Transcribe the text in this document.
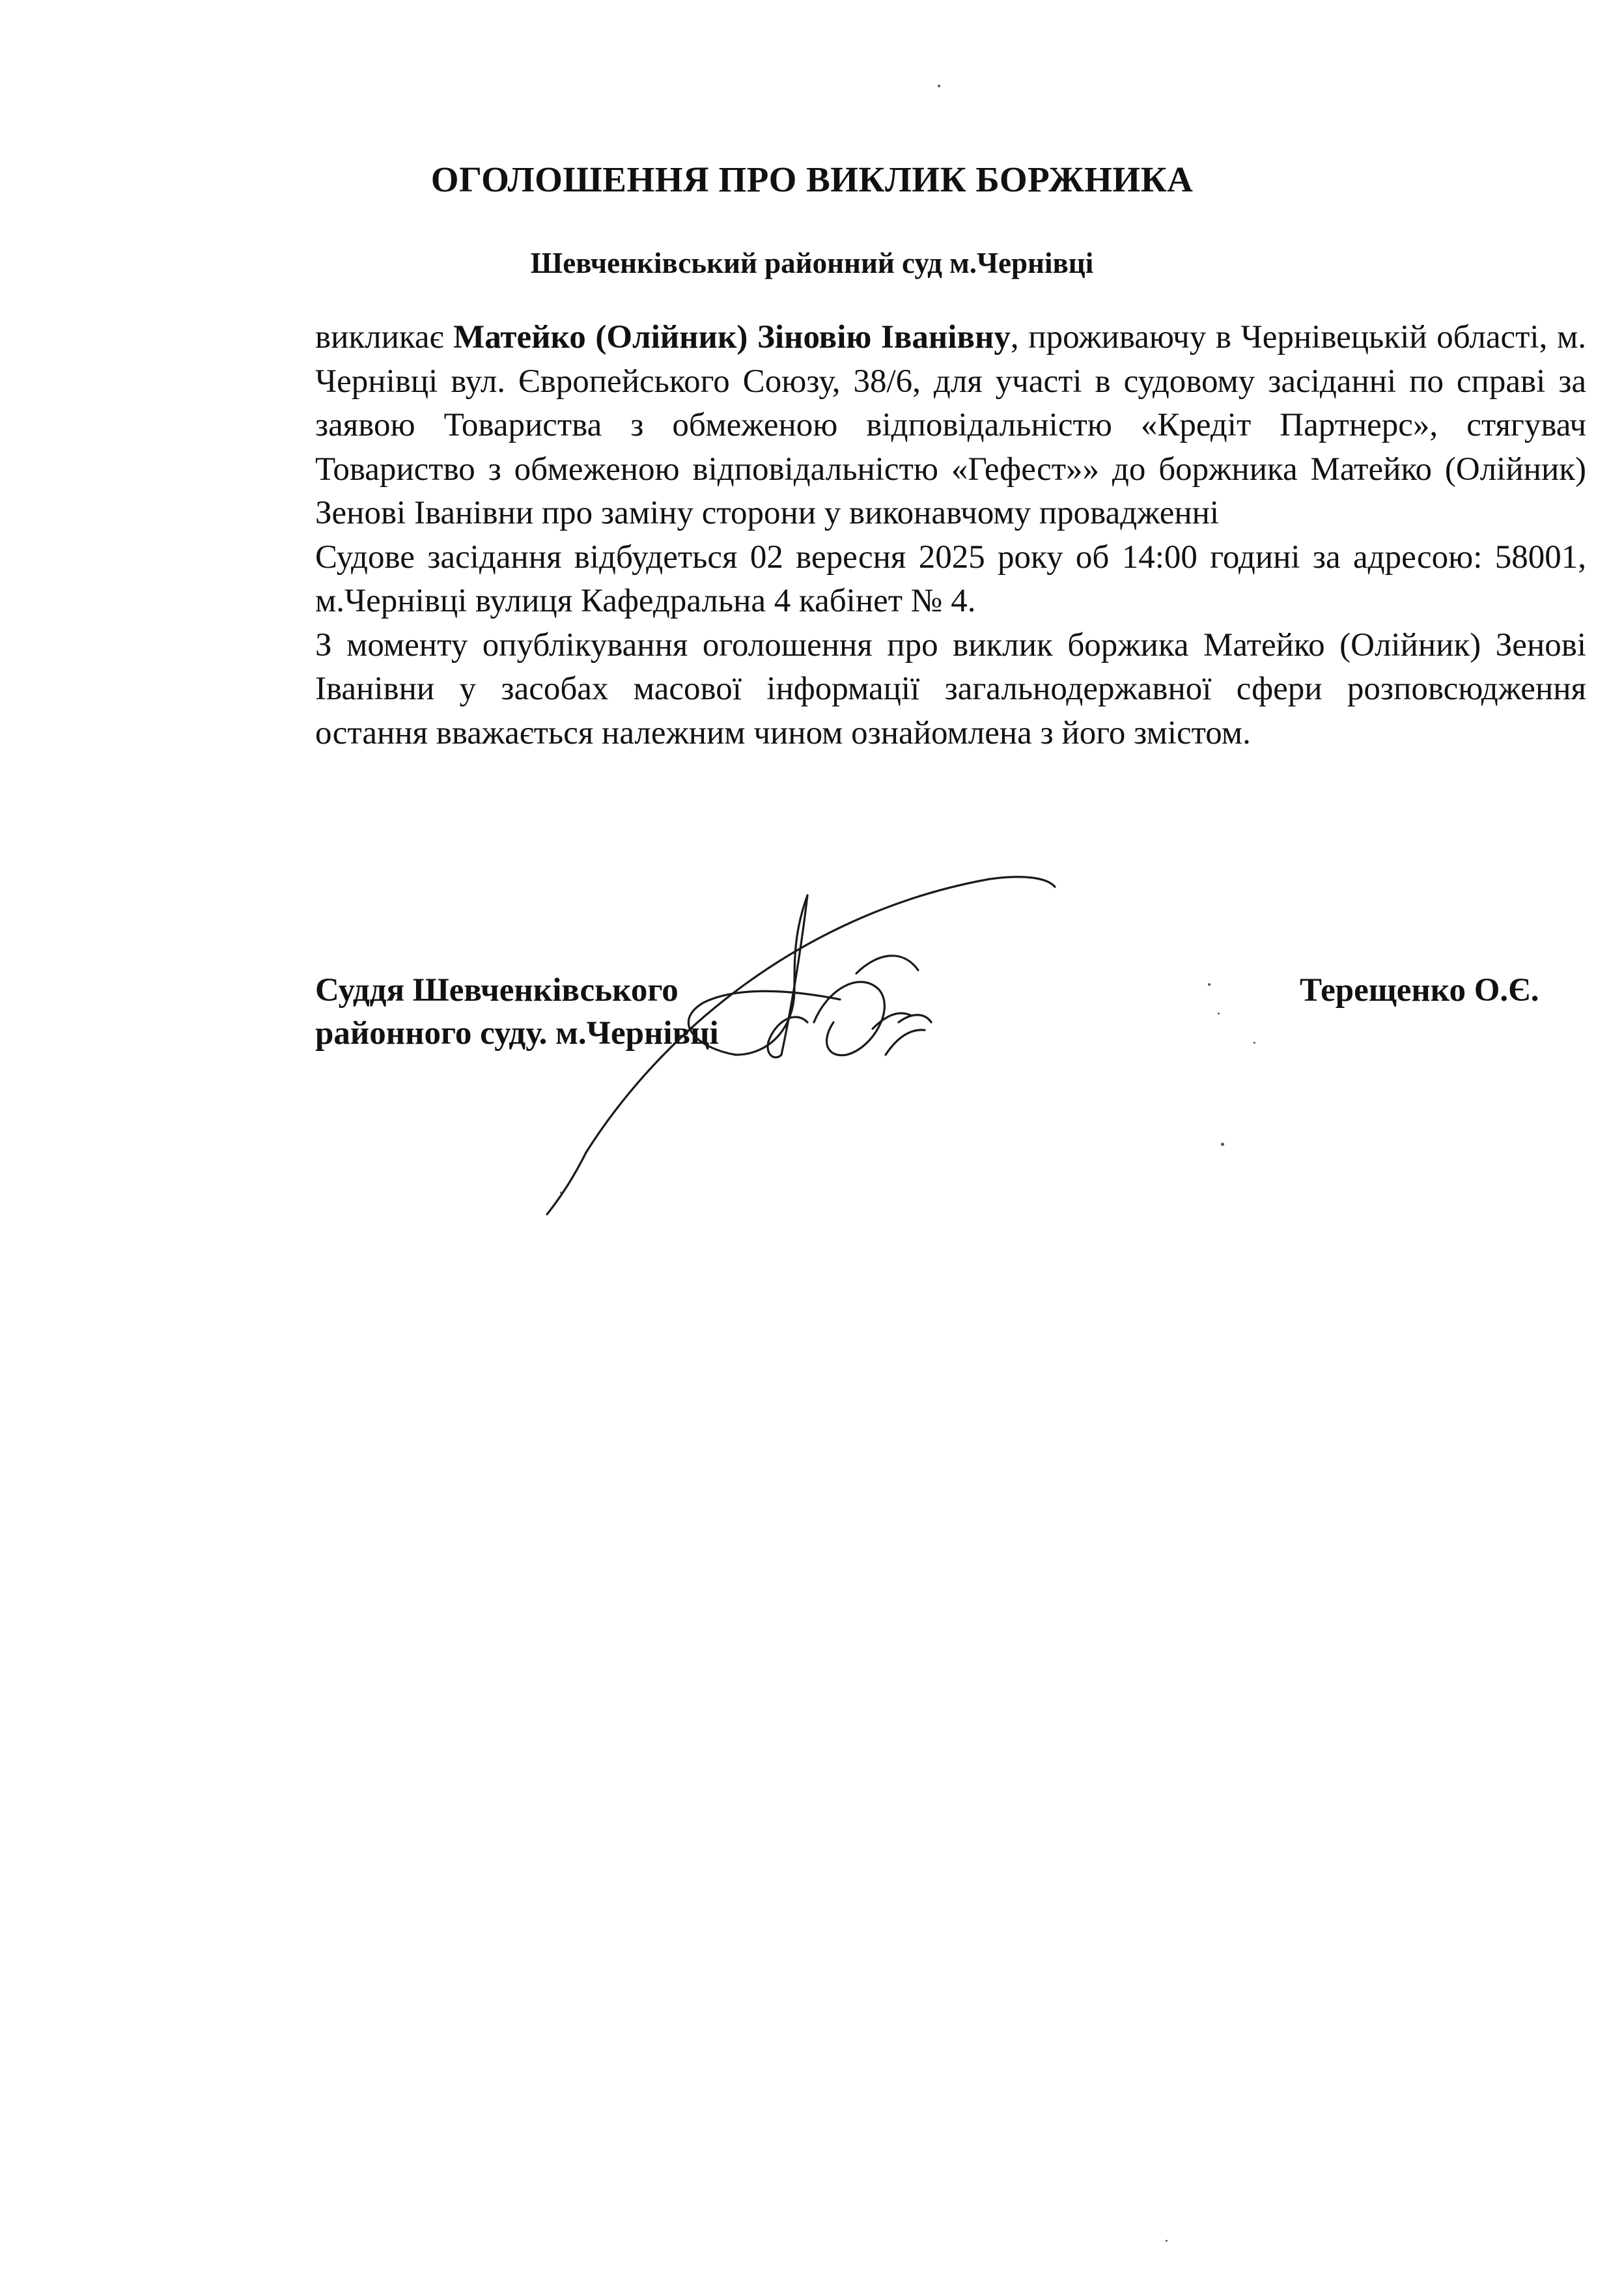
ОГОЛОШЕННЯ ПРО ВИКЛИК БОРЖНИКА
Шевченківський районний суд м.Чернівці

викликає Матейко (Олійник) Зіновію Іванівну, проживаючу в Чернівецькій області, м. Чернівці вул. Європейського Союзу, 38/6, для участі в судовому засіданні по справі за заявою Товариства з обмеженою відповідальністю «Кредіт Партнерс», стягувач Товариство з обмеженою відповідальністю «Гефест»» до боржника Матейко (Олійник) Зенові Іванівни про заміну сторони у виконавчому провадженні

Судове засідання відбудеться 02 вересня 2025 року об 14:00 годині за адресою: 58001, м.Чернівці вулиця Кафедральна 4 кабінет № 4.

З моменту опублікування оголошення про виклик боржика Матейко (Олійник) Зенові Іванівни у засобах масової інформації загальнодержавної сфери розповсюдження остання вважається належним чином ознайомлена з його змістом.

Суддя Шевченківського
районного суду. м.Чернівці
Терещенко О.Є.
